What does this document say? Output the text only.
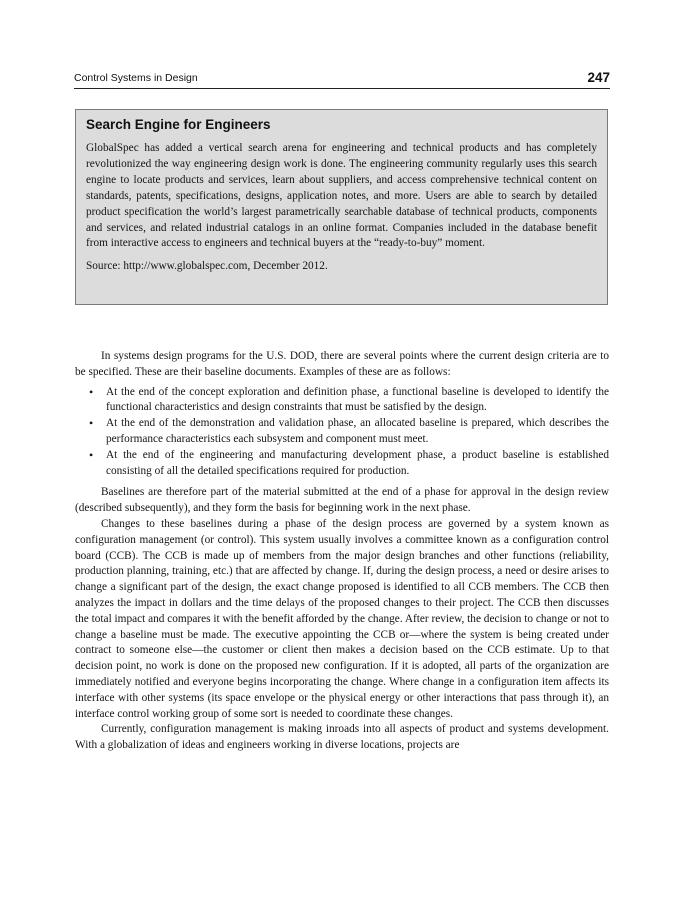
Control Systems in Design	247
Search Engine for Engineers

GlobalSpec has added a vertical search arena for engineering and technical products and has completely revolutionized the way engineering design work is done. The engineering community regularly uses this search engine to locate products and services, learn about suppliers, and access comprehensive technical content on standards, patents, specifications, designs, application notes, and more. Users are able to search by detailed product specification the world’s largest parametrically searchable database of technical products, components and services, and related industrial catalogs in an online format. Companies included in the database benefit from interactive access to engineers and technical buyers at the “ready-to-buy” moment.

Source: http://www.globalspec.com, December 2012.

In systems design programs for the U.S. DOD, there are several points where the current design criteria are to be specified. These are their baseline documents. Examples of these are as follows:

• At the end of the concept exploration and definition phase, a functional baseline is developed to identify the functional characteristics and design constraints that must be satisfied by the design.
• At the end of the demonstration and validation phase, an allocated baseline is prepared, which describes the performance characteristics each subsystem and component must meet.
• At the end of the engineering and manufacturing development phase, a product baseline is established consisting of all the detailed specifications required for production.

Baselines are therefore part of the material submitted at the end of a phase for approval in the design review (described subsequently), and they form the basis for beginning work in the next phase.

Changes to these baselines during a phase of the design process are governed by a system known as configuration management (or control). This system usually involves a committee known as a configuration control board (CCB). The CCB is made up of members from the major design branches and other functions (reliability, production planning, training, etc.) that are affected by change. If, during the design process, a need or desire arises to change a significant part of the design, the exact change proposed is identified to all CCB members. The CCB then analyzes the impact in dollars and the time delays of the proposed changes to their project. The CCB then discusses the total impact and compares it with the benefit afforded by the change. After review, the decision to change or not to change a baseline must be made. The executive appointing the CCB or—where the system is being created under contract to someone else—the customer or client then makes a decision based on the CCB estimate. Up to that decision point, no work is done on the proposed new configuration. If it is adopted, all parts of the organization are immediately notified and everyone begins incorporating the change. Where change in a configuration item affects its interface with other systems (its space envelope or the physical energy or other interactions that pass through it), an interface control working group of some sort is needed to coordinate these changes.

Currently, configuration management is making inroads into all aspects of product and systems development. With a globalization of ideas and engineers working in diverse locations, projects are
